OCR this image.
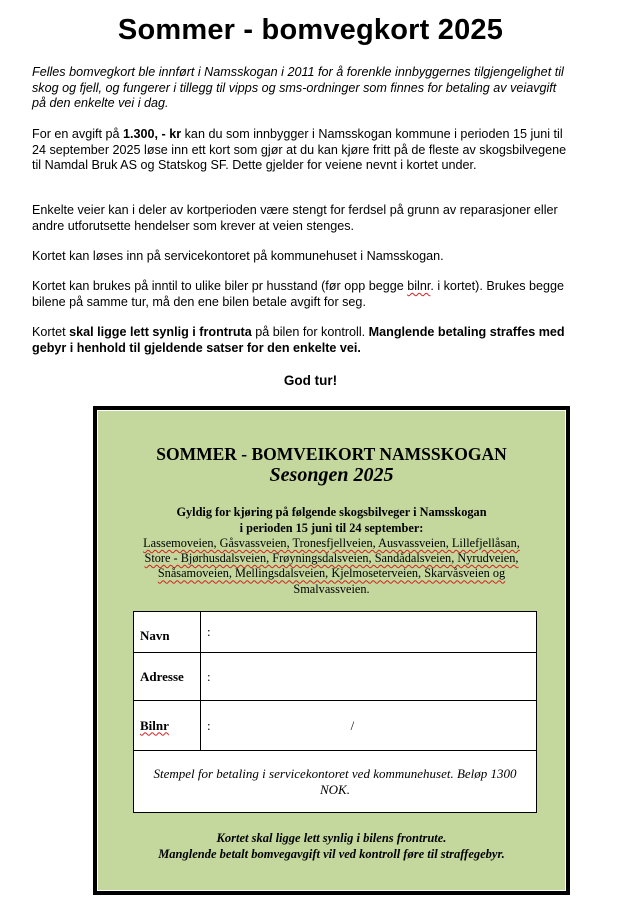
Sommer - bomvegkort 2025
Felles bomvegkort ble innført i Namsskogan i 2011 for å forenkle innbyggernes tilgjengelighet til skog og fjell, og fungerer i tillegg til vipps og sms-ordninger som finnes for betaling av veiavgift på den enkelte vei i dag.
For en avgift på 1.300, - kr kan du som innbygger i Namsskogan kommune i perioden 15 juni til 24 september 2025 løse inn ett kort som gjør at du kan kjøre fritt på de fleste av skogsbilvegene til Namdal Bruk AS og Statskog SF. Dette gjelder for veiene nevnt i kortet under.
Enkelte veier kan i deler av kortperioden være stengt for ferdsel på grunn av reparasjoner eller andre utforutsette hendelser som krever at veien stenges.
Kortet kan løses inn på servicekontoret på kommunehuset i Namsskogan.
Kortet kan brukes på inntil to ulike biler pr husstand (før opp begge bilnr. i kortet). Brukes begge bilene på samme tur, må den ene bilen betale avgift for seg.
Kortet skal ligge lett synlig i frontruta på bilen for kontroll. Manglende betaling straffes med gebyr i henhold til gjeldende satser for den enkelte vei.
God tur!
SOMMER - BOMVEIKORT NAMSSKOGAN
Sesongen 2025
Gyldig for kjøring på følgende skogsbilveger i Namsskogan
i perioden 15 juni til 24 september:
Lassemoveien, Gåsvassveien, Tronesfjellveien, Ausvassveien, Lillefjellåsan,
Store - Bjørhusdalsveien, Frøyningsdalsveien, Sandådalsveien, Nyrudveien,
Snåsamoveien, Mellingsdalsveien, Kjelmoseterveien, Skarvåsveien og
Smalvassveien.
Navn	:
Adresse	:
Bilnr	: /
Stempel for betaling i servicekontoret ved kommunehuset. Beløp 1300 NOK.	
Kortet skal ligge lett synlig i bilens frontrute.
Manglende betalt bomvegavgift vil ved kontroll føre til straffegebyr.
